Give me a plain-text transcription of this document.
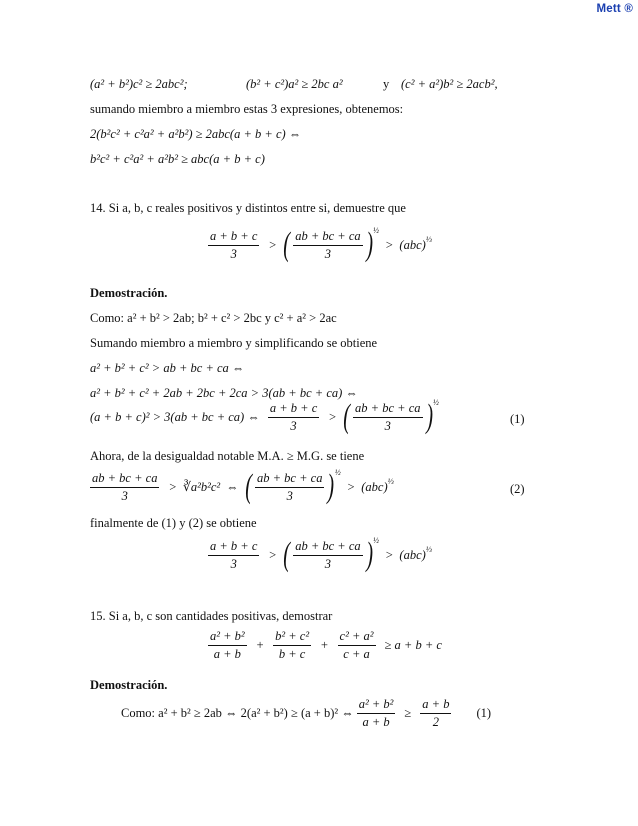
Mett ®
(a² + b²)c² ≥ 2abc²;	(b² + c²)a² ≥ 2bc a²	y (c² + a²)b² ≥ 2acb²,
sumando miembro a miembro estas 3 expresiones, obtenemos:
2(b²c² + c²a² + a²b²) ≥ 2abc(a + b + c) ⇔
b²c² + c²a² + a²b² ≥ abc(a + b + c)
14. Si a, b, c reales positivos y distintos entre si, demuestre que
$\frac{a + b + c}{3}$ > ( $\frac{ab + bc + ca}{3} )^{\frac{1}{2}}$
> (abc)$^{\frac{1}{3}}$
Demostración.
Como: a² + b² > 2ab; b² + c² > 2bc y c² + a² > 2ac
Sumando miembro a miembro y simplificando se obtiene
a² + b² + c² > ab + bc + ca ⇔
a² + b² + c² + 2ab + 2bc + 2ca > 3(ab + bc + ca) ⇔
(a + b + c)² > 3(ab + bc + ca) ⇔ $\frac{a + b + c}{3}$ > ( $\frac{ab + bc + ca}{3} )^{\frac{1}{2}}$
(1)
Ahora, de la desigualdad notable M.A. ≥ M.G. se tiene
$\frac{ab + bc + ca}{3}$ > ∛a²b²c² ⇔ ( $\frac{ab + bc + ca}{3} )^{\frac{1}{2}}$
> (abc)$^{\frac{1}{3}}$
(2)
finalmente de (1) y (2) se obtiene
$\frac{a + b + c}{3}$ > ( $\frac{ab + bc + ca}{3} )^{\frac{1}{2}}$
> (abc)$^{\frac{1}{3}}$
15. Si a, b, c son cantidades positivas, demostrar
$\frac{\text{a² + b²}}{a + b} + \frac{\text{b² + c²}}{b + c} + \frac{\text{c² + a²}}{c + a} \ge a + b + c$
Demostración.
Como: a² + b² ≥ 2ab ⇔ 2(a² + b²) ≥ (a + b)² ⇔ $\frac{\text{a² + b²}}{a + b} \ge \frac{a + b}{2} (1)$
